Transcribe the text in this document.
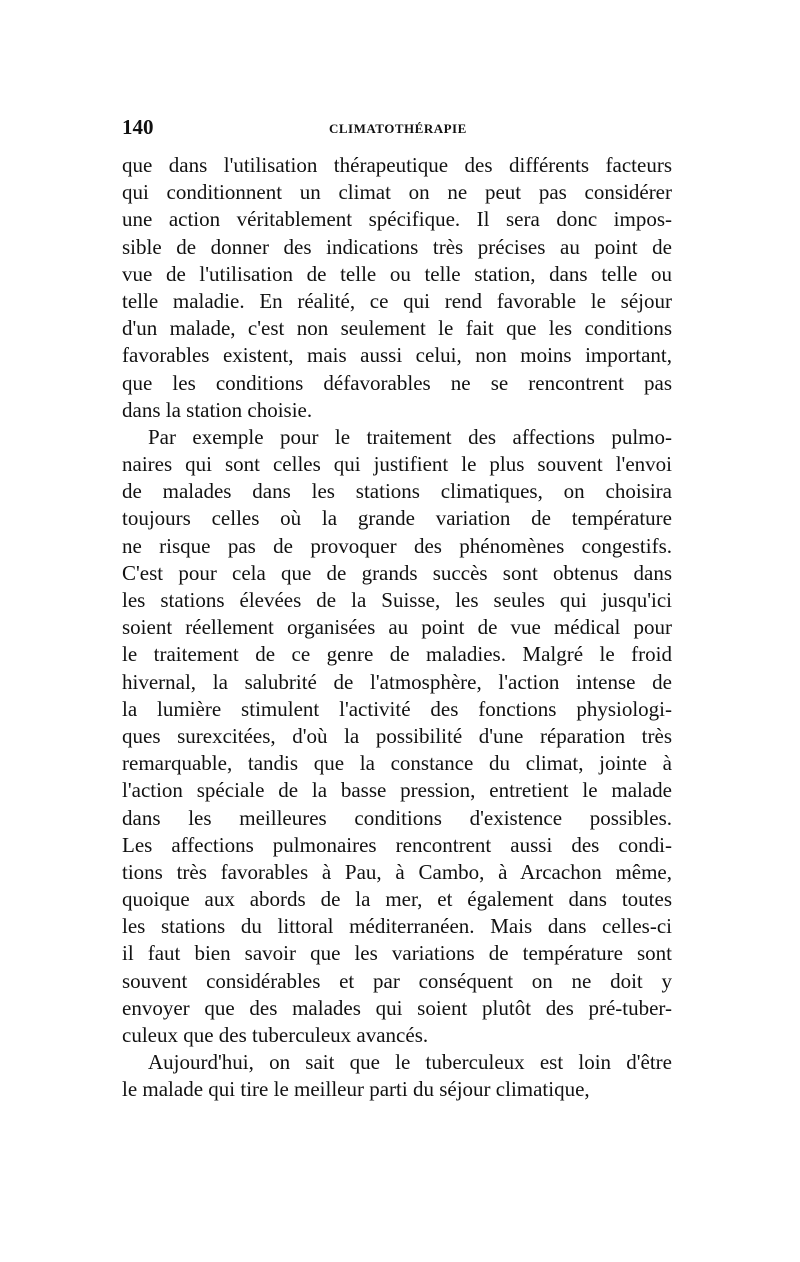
140	CLIMATOTHÉRAPIE
que dans l'utilisation thérapeutique des différents facteurs
qui conditionnent un climat on ne peut pas considérer
une action véritablement spécifique. Il sera donc impos-
sible de donner des indications très précises au point de
vue de l'utilisation de telle ou telle station, dans telle ou
telle maladie. En réalité, ce qui rend favorable le séjour
d'un malade, c'est non seulement le fait que les conditions
favorables existent, mais aussi celui, non moins important,
que les conditions défavorables ne se rencontrent pas
dans la station choisie.
Par exemple pour le traitement des affections pulmo-
naires qui sont celles qui justifient le plus souvent l'envoi
de malades dans les stations climatiques, on choisira
toujours celles où la grande variation de température
ne risque pas de provoquer des phénomènes congestifs.
C'est pour cela que de grands succès sont obtenus dans
les stations élevées de la Suisse, les seules qui jusqu'ici
soient réellement organisées au point de vue médical pour
le traitement de ce genre de maladies. Malgré le froid
hivernal, la salubrité de l'atmosphère, l'action intense de
la lumière stimulent l'activité des fonctions physiologi-
ques surexcitées, d'où la possibilité d'une réparation très
remarquable, tandis que la constance du climat, jointe à
l'action spéciale de la basse pression, entretient le malade
dans les meilleures conditions d'existence possibles.
Les affections pulmonaires rencontrent aussi des condi-
tions très favorables à Pau, à Cambo, à Arcachon même,
quoique aux abords de la mer, et également dans toutes
les stations du littoral méditerranéen. Mais dans celles-ci
il faut bien savoir que les variations de température sont
souvent considérables et par conséquent on ne doit y
envoyer que des malades qui soient plutôt des pré-tuber-
culeux que des tuberculeux avancés.
Aujourd'hui, on sait que le tuberculeux est loin d'être
le malade qui tire le meilleur parti du séjour climatique,
